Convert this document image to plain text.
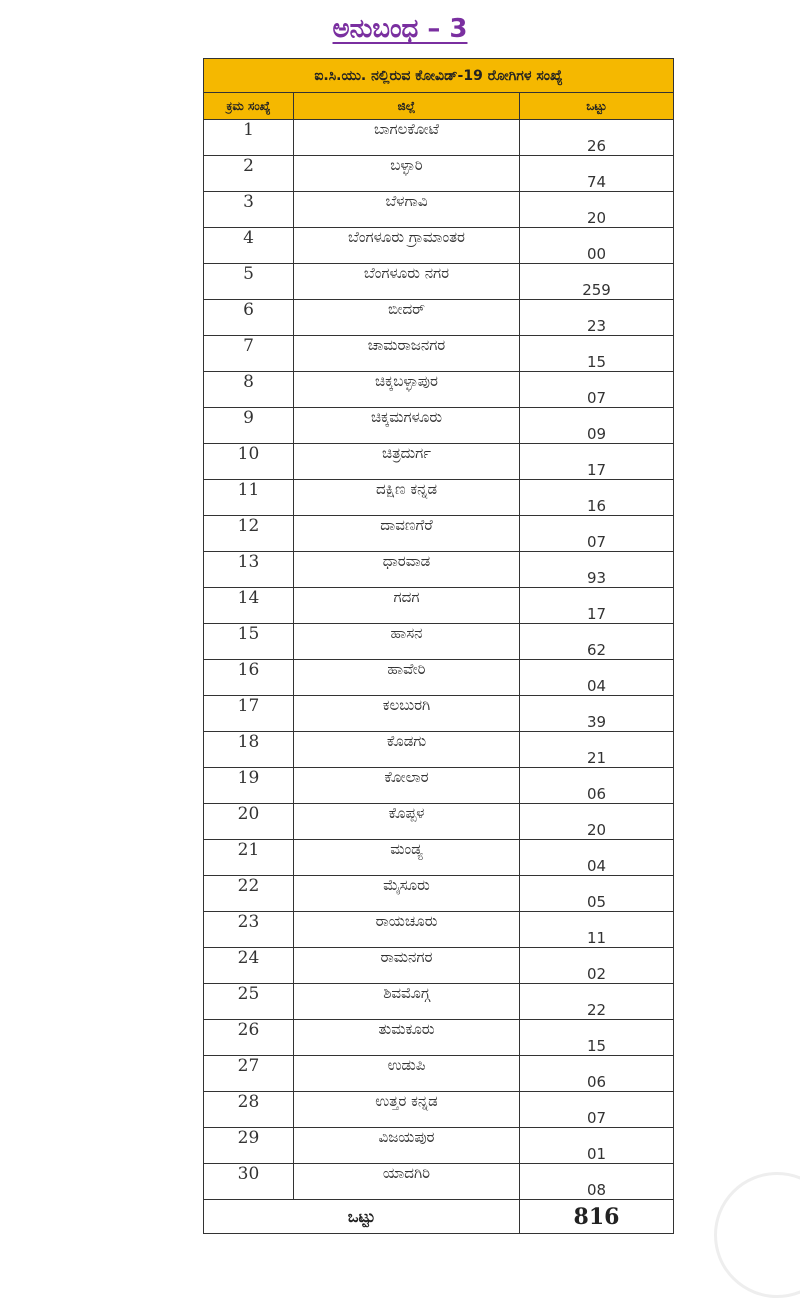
ಅನುಬಂಧ – 3
ಐ.ಸಿ.ಯು. ನಲ್ಲಿರುವ ಕೋವಿಡ್-19 ರೋಗಿಗಳ ಸಂಖ್ಯೆ		
ಕ್ರಮ ಸಂಖ್ಯೆ	ಜಿಲ್ಲೆ	ಒಟ್ಟು
1	ಬಾಗಲಕೋಟೆ	26
2	ಬಳ್ಳಾರಿ	74
3	ಬೆಳಗಾವಿ	20
4	ಬೆಂಗಳೂರು ಗ್ರಾಮಾಂತರ	00
5	ಬೆಂಗಳೂರು ನಗರ	259
6	ಬೀದರ್	23
7	ಚಾಮರಾಜನಗರ	15
8	ಚಿಕ್ಕಬಳ್ಳಾಪುರ	07
9	ಚಿಕ್ಕಮಗಳೂರು	09
10	ಚಿತ್ರದುರ್ಗ	17
11	ದಕ್ಷಿಣ ಕನ್ನಡ	16
12	ದಾವಣಗೆರೆ	07
13	ಧಾರವಾಡ	93
14	ಗದಗ	17
15	ಹಾಸನ	62
16	ಹಾವೇರಿ	04
17	ಕಲಬುರಗಿ	39
18	ಕೊಡಗು	21
19	ಕೋಲಾರ	06
20	ಕೊಪ್ಪಳ	20
21	ಮಂಡ್ಯ	04
22	ಮೈಸೂರು	05
23	ರಾಯಚೂರು	11
24	ರಾಮನಗರ	02
25	ಶಿವಮೊಗ್ಗ	22
26	ತುಮಕೂರು	15
27	ಉಡುಪಿ	06
28	ಉತ್ತರ ಕನ್ನಡ	07
29	ವಿಜಯಪುರ	01
30	ಯಾದಗಿರಿ	08
ಒಟ್ಟು		816
